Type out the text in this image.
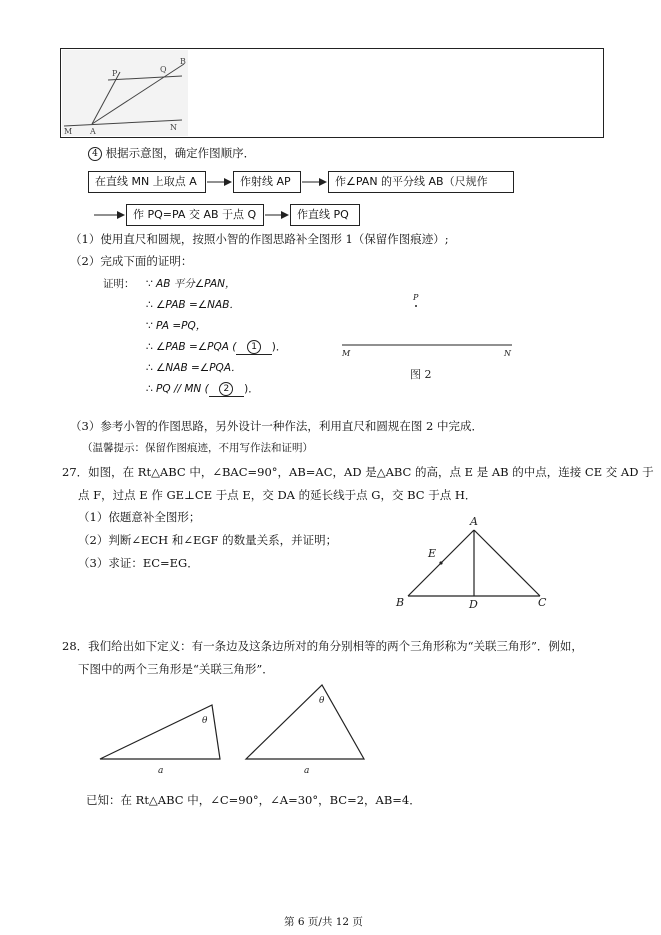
P	Q
B
M A	N
4 根据示意图，确定作图顺序．
在直线 MN 上取点 A	作射线 AP	作∠PAN 的平分线 AB（尺规作
作 PQ=PA 交 AB 于点 Q	作直线 PQ
（1）使用直尺和圆规，按照小智的作图思路补全图形 1（保留作图痕迹）;
（2）完成下面的证明：
证明： ∵ AB 平分∠PAN，
∴ ∠PAB =∠NAB．
∵ PA =PQ，
∴ ∠PAB =∠PQA ( 1 )．
∴ ∠NAB =∠PQA．
∴ PQ // MN ( 2 )．
P
M	N
图 2
（3）参考小智的作图思路，另外设计一种作法，利用直尺和圆规在图 2 中完成．
（温馨提示：保留作图痕迹，不用写作法和证明）
27．如图，在 Rt△ABC 中，∠BAC=90°，AB=AC，AD 是△ABC 的高，点 E 是 AB 的中点，连接 CE 交 AD 于
点 F，过点 E 作 GE⊥CE 于点 E，交 DA 的延长线于点 G，交 BC 于点 H．
（1）依题意补全图形；
（2）判断∠ECH 和∠EGF 的数量关系，并证明；
（3）求证：EC=EG．
A
E
B	D	C
28．我们给出如下定义：有一条边及这条边所对的角分别相等的两个三角形称为“关联三角形”．例如，
下图中的两个三角形是“关联三角形”．
θ
θ
a	a
已知：在 Rt△ABC 中，∠C=90°，∠A=30°，BC=2，AB=4．
第 6 页/共 12 页
